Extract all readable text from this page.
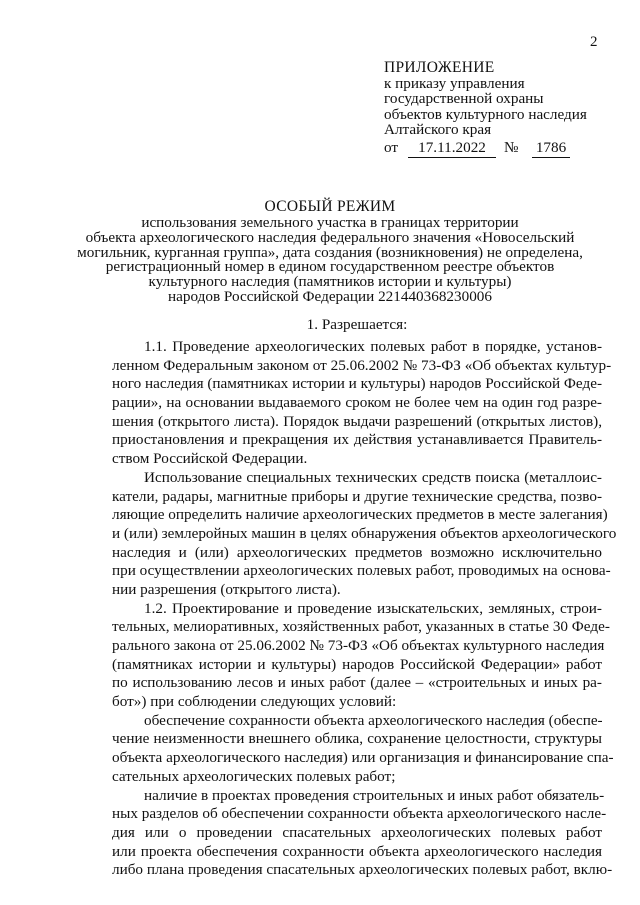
2
ПРИЛОЖЕНИЕ
к приказу управления
государственной охраны
объектов культурного наследия
Алтайского края
от	17.11.2022	№ 1786
ОСОБЫЙ РЕЖИМ
использования земельного участка в границах территории
объекта археологического наследия федерального значения «Новосельский
могильник, курганная группа», дата создания (возникновения) не определена,
регистрационный номер в едином государственном реестре объектов
культурного наследия (памятников истории и культуры)
народов Российской Федерации 221440368230006
1. Разрешается:
1.1. Проведение археологических полевых работ в порядке, установ-
ленном Федеральным законом от 25.06.2002 № 73-ФЗ «Об объектах культур-
ного наследия (памятниках истории и культуры) народов Российской Феде-
рации», на основании выдаваемого сроком не более чем на один год разре-
шения (открытого листа). Порядок выдачи разрешений (открытых листов),
приостановления и прекращения их действия устанавливается Правитель-
ством Российской Федерации.
Использование специальных технических средств поиска (металлоис-
катели, радары, магнитные приборы и другие технические средства, позво-
ляющие определить наличие археологических предметов в месте залегания)
и (или) землеройных машин в целях обнаружения объектов археологического
наследия и (или) археологических предметов возможно исключительно
при осуществлении археологических полевых работ, проводимых на основа-
нии разрешения (открытого листа).
1.2. Проектирование и проведение изыскательских, земляных, строи-
тельных, мелиоративных, хозяйственных работ, указанных в статье 30 Феде-
рального закона от 25.06.2002 № 73-ФЗ «Об объектах культурного наследия
(памятниках истории и культуры) народов Российской Федерации» работ
по использованию лесов и иных работ (далее – «строительных и иных ра-
бот») при соблюдении следующих условий:
обеспечение сохранности объекта археологического наследия (обеспе-
чение неизменности внешнего облика, сохранение целостности, структуры
объекта археологического наследия) или организация и финансирование спа-
сательных археологических полевых работ;
наличие в проектах проведения строительных и иных работ обязатель-
ных разделов об обеспечении сохранности объекта археологического насле-
дия или о проведении спасательных археологических полевых работ
или проекта обеспечения сохранности объекта археологического наследия
либо плана проведения спасательных археологических полевых работ, вклю-
